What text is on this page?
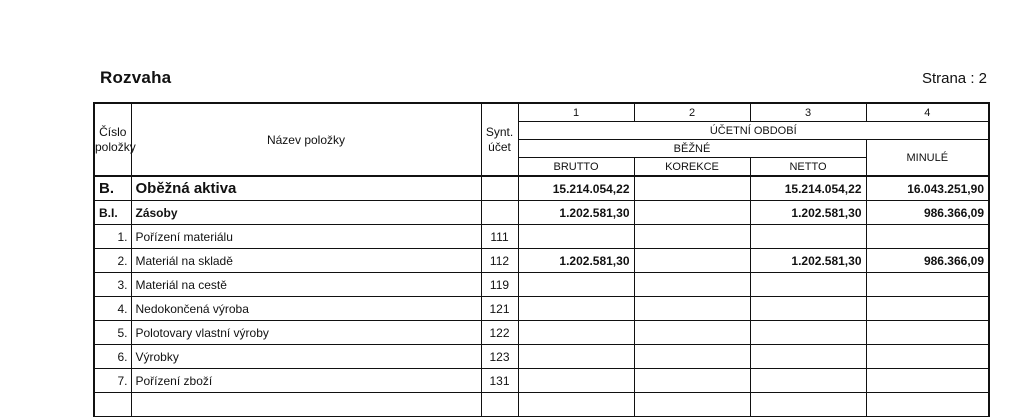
Rozvaha	Strana : 2
Číslo položky	Název položky	Synt. účet	1	2	3	4
			ÚČETNÍ OBDOBÍ			
			BĚŽNÉ			MINULÉ
			BRUTTO	KOREKCE	NETTO	
B.	Oběžná aktiva		15.214.054,22		15.214.054,22	16.043.251,90
B.I.	Zásoby		1.202.581,30		1.202.581,30	986.366,09
1.	Pořízení materiálu	111				
2.	Materiál na skladě	112	1.202.581,30		1.202.581,30	986.366,09
3.	Materiál na cestě	119				
4.	Nedokončená výroba	121				
5.	Polotovary vlastní výroby	122				
6.	Výrobky	123				
7.	Pořízení zboží	131				
